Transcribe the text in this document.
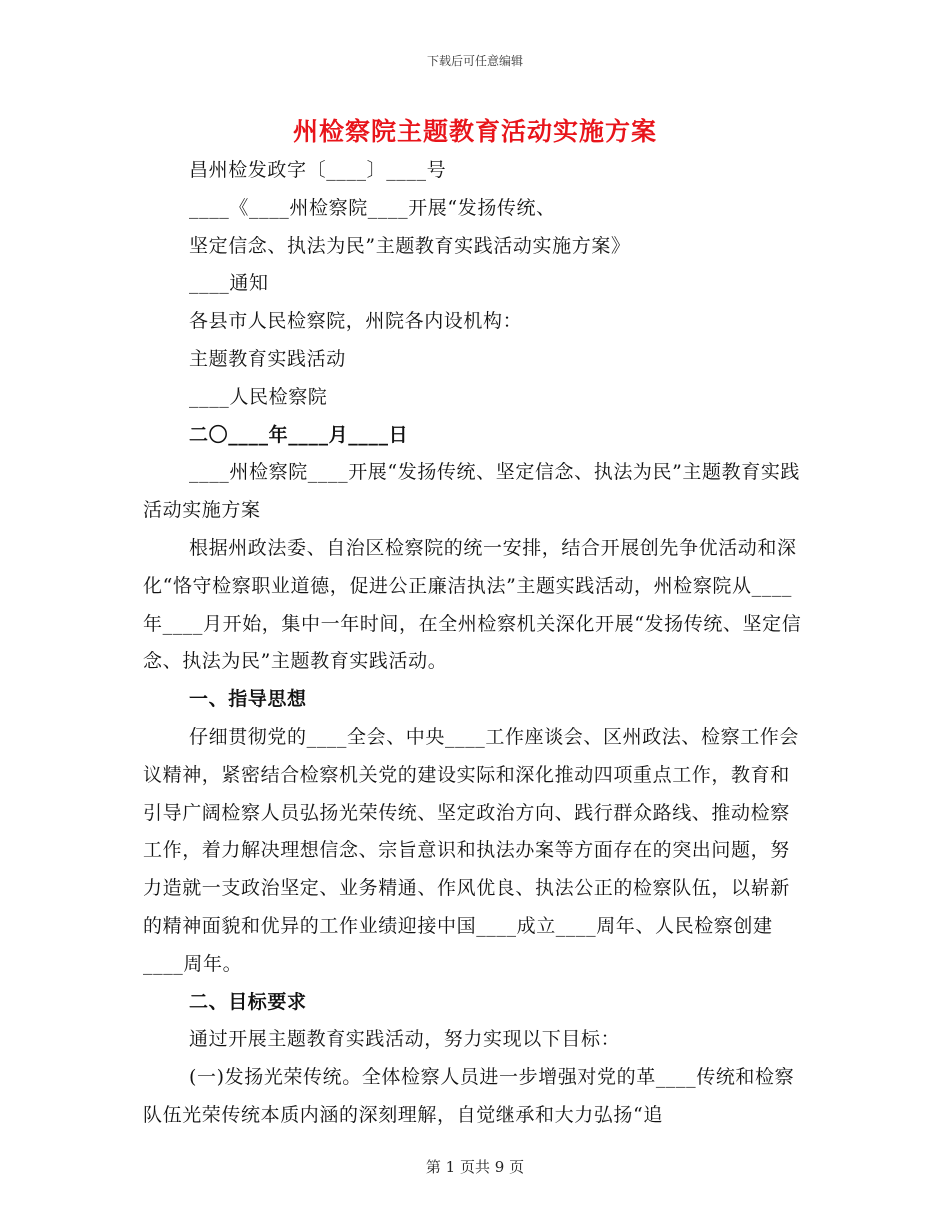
下载后可任意编辑
州检察院主题教育活动实施方案

昌州检发政字〔____〕____号

____《____州检察院____开展“发扬传统、

坚定信念、执法为民”主题教育实践活动实施方案》

____通知

各县市人民检察院，州院各内设机构：

主题教育实践活动

____人民检察院

二〇____年____月____日

____州检察院____开展“发扬传统、坚定信念、执法为民”主题教育实践活动实施方案

根据州政法委、自治区检察院的统一安排，结合开展创先争优活动和深化“恪守检察职业道德，促进公正廉洁执法”主题实践活动，州检察院从____年____月开始，集中一年时间，在全州检察机关深化开展“发扬传统、坚定信念、执法为民”主题教育实践活动。

一、指导思想

仔细贯彻党的____全会、中央____工作座谈会、区州政法、检察工作会议精神，紧密结合检察机关党的建设实际和深化推动四项重点工作，教育和引导广阔检察人员弘扬光荣传统、坚定政治方向、践行群众路线、推动检察工作，着力解决理想信念、宗旨意识和执法办案等方面存在的突出问题，努力造就一支政治坚定、业务精通、作风优良、执法公正的检察队伍，以崭新的精神面貌和优异的工作业绩迎接中国____成立____周年、人民检察创建____周年。

二、目标要求

通过开展主题教育实践活动，努力实现以下目标：

(一)发扬光荣传统。全体检察人员进一步增强对党的革____传统和检察队伍光荣传统本质内涵的深刻理解，自觉继承和大力弘扬“追

第 1 页共 9 页
